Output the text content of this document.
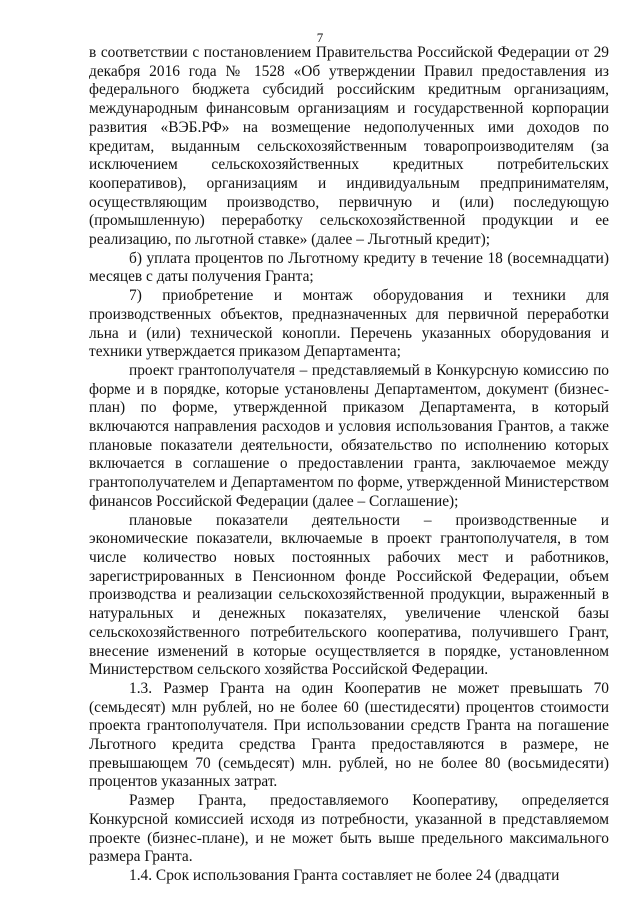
7

в соответствии с постановлением Правительства Российской Федерации от 29 декабря 2016 года № 1528 «Об утверждении Правил предоставления из федерального бюджета субсидий российским кредитным организациям, международным финансовым организациям и государственной корпорации развития «ВЭБ.РФ» на возмещение недополученных ими доходов по кредитам, выданным сельскохозяйственным товаропроизводителям (за исключением сельскохозяйственных кредитных потребительских кооперативов), организациям и индивидуальным предпринимателям, осуществляющим производство, первичную и (или) последующую (промышленную) переработку сельскохозяйственной продукции и ее реализацию, по льготной ставке» (далее – Льготный кредит);

б) уплата процентов по Льготному кредиту в течение 18 (восемнадцати) месяцев с даты получения Гранта;

7) приобретение и монтаж оборудования и техники для производственных объектов, предназначенных для первичной переработки льна и (или) технической конопли. Перечень указанных оборудования и техники утверждается приказом Департамента;

проект грантополучателя – представляемый в Конкурсную комиссию по форме и в порядке, которые установлены Департаментом, документ (бизнес-план) по форме, утвержденной приказом Департамента, в который включаются направления расходов и условия использования Грантов, а также плановые показатели деятельности, обязательство по исполнению которых включается в соглашение о предоставлении гранта, заключаемое между грантополучателем и Департаментом по форме, утвержденной Министерством финансов Российской Федерации (далее – Соглашение);

плановые показатели деятельности – производственные и экономические показатели, включаемые в проект грантополучателя, в том числе количество новых постоянных рабочих мест и работников, зарегистрированных в Пенсионном фонде Российской Федерации, объем производства и реализации сельскохозяйственной продукции, выраженный в натуральных и денежных показателях, увеличение членской базы сельскохозяйственного потребительского кооператива, получившего Грант, внесение изменений в которые осуществляется в порядке, установленном Министерством сельского хозяйства Российской Федерации.

1.3. Размер Гранта на один Кооператив не может превышать 70 (семьдесят) млн рублей, но не более 60 (шестидесяти) процентов стоимости проекта грантополучателя. При использовании средств Гранта на погашение Льготного кредита средства Гранта предоставляются в размере, не превышающем 70 (семьдесят) млн. рублей, но не более 80 (восьмидесяти) процентов указанных затрат.

Размер Гранта, предоставляемого Кооперативу, определяется Конкурсной комиссией исходя из потребности, указанной в представляемом проекте (бизнес-плане), и не может быть выше предельного максимального размера Гранта.

1.4. Срок использования Гранта составляет не более 24 (двадцати
